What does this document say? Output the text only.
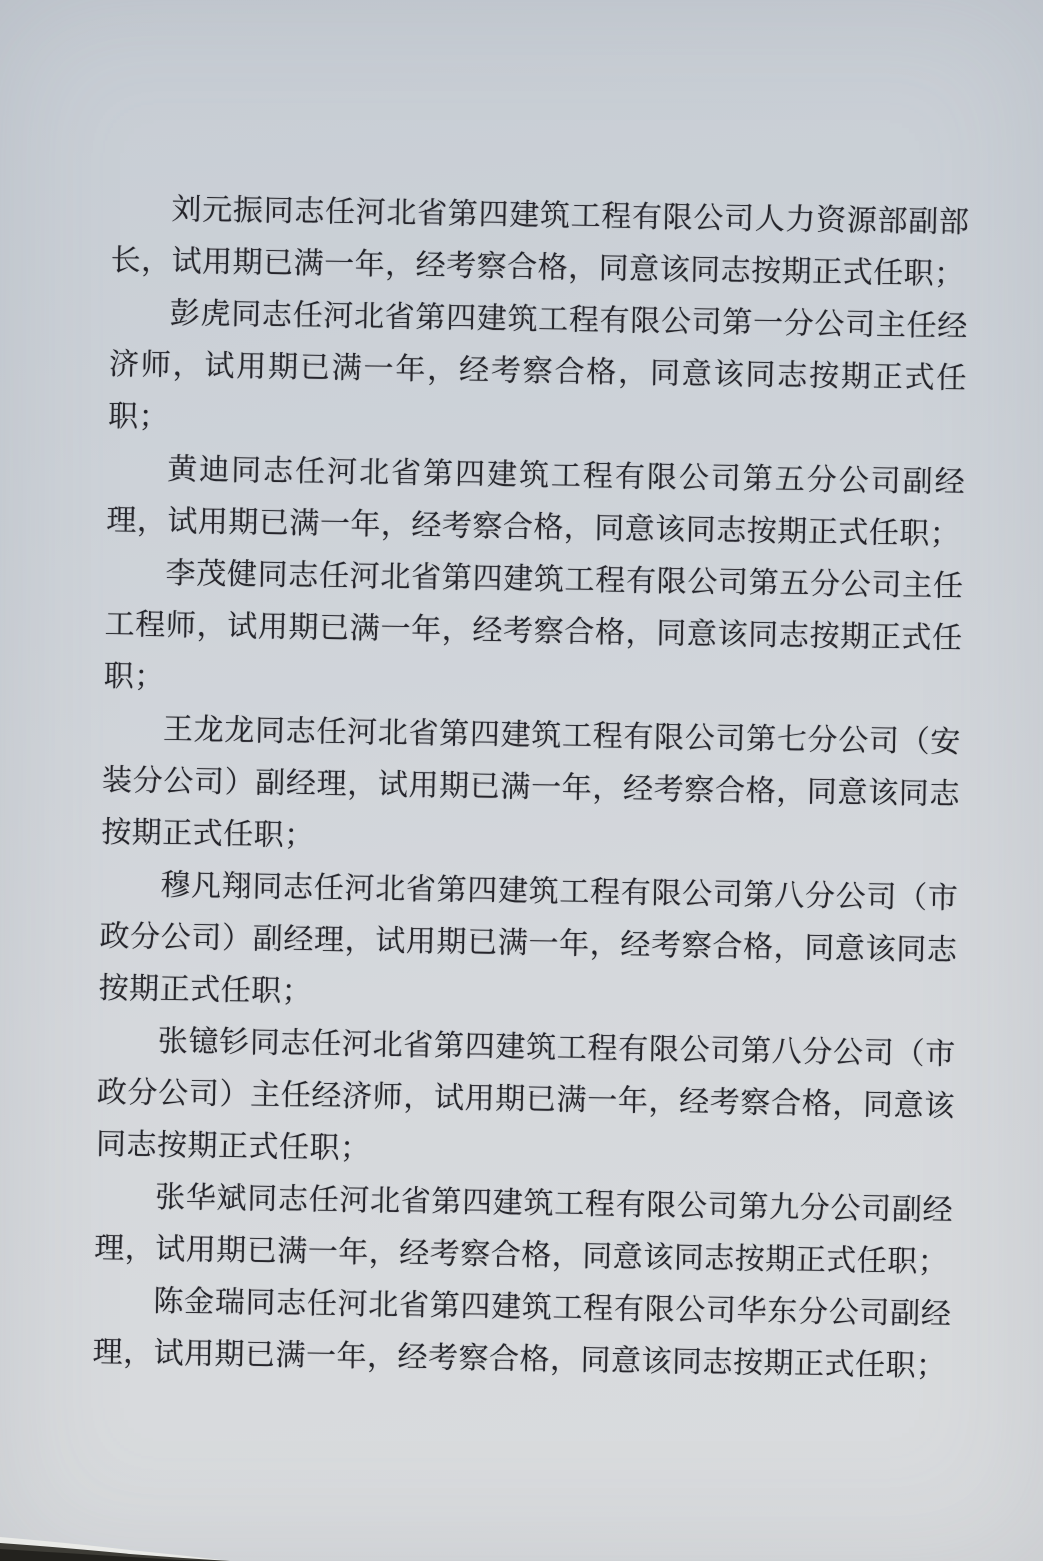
刘元振同志任河北省第四建筑工程有限公司人力资源部副部长，试用期已满一年，经考察合格，同意该同志按期正式任职；

彭虎同志任河北省第四建筑工程有限公司第一分公司主任经济师，试用期已满一年，经考察合格，同意该同志按期正式任职；

黄迪同志任河北省第四建筑工程有限公司第五分公司副经理，试用期已满一年，经考察合格，同意该同志按期正式任职；

李茂健同志任河北省第四建筑工程有限公司第五分公司主任工程师，试用期已满一年，经考察合格，同意该同志按期正式任职；

王龙龙同志任河北省第四建筑工程有限公司第七分公司（安装分公司）副经理，试用期已满一年，经考察合格，同意该同志按期正式任职；

穆凡翔同志任河北省第四建筑工程有限公司第八分公司（市政分公司）副经理，试用期已满一年，经考察合格，同意该同志按期正式任职；

张镱钐同志任河北省第四建筑工程有限公司第八分公司（市政分公司）主任经济师，试用期已满一年，经考察合格，同意该同志按期正式任职；

张华斌同志任河北省第四建筑工程有限公司第九分公司副经理，试用期已满一年，经考察合格，同意该同志按期正式任职；

陈金瑞同志任河北省第四建筑工程有限公司华东分公司副经理，试用期已满一年，经考察合格，同意该同志按期正式任职；
